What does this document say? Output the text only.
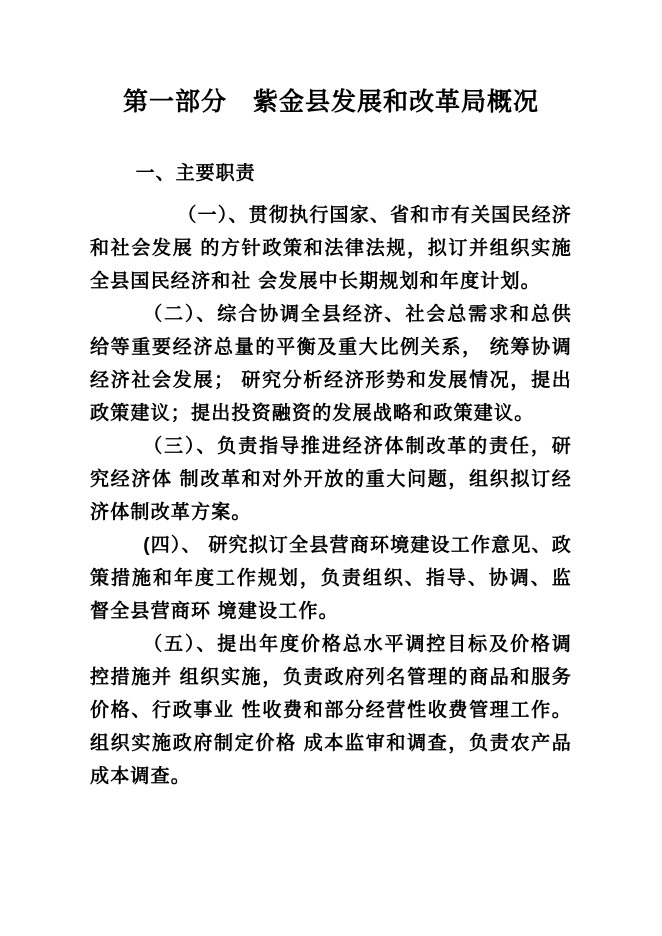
第一部分　紫金县发展和改革局概况
一、主要职责

（一）、贯彻执行国家、省和市有关国民经济和社会发展 的方针政策和法律法规，拟订并组织实施全县国民经济和社 会发展中长期规划和年度计划。

（二）、综合协调全县经济、社会总需求和总供给等重要经济总量的平衡及重大比例关系， 统筹协调经济社会发展； 研究分析经济形势和发展情况，提出政策建议；提出投资融资的发展战略和政策建议。

（三）、负责指导推进经济体制改革的责任，研究经济体 制改革和对外开放的重大问题，组织拟订经济体制改革方案。

(四）、 研究拟订全县营商环境建设工作意见、政策措施和年度工作规划，负责组织、指导、协调、监督全县营商环 境建设工作。

（五）、提出年度价格总水平调控目标及价格调控措施并 组织实施，负责政府列名管理的商品和服务价格、行政事业 性收费和部分经营性收费管理工作。组织实施政府制定价格 成本监审和调查，负责农产品成本调查。
